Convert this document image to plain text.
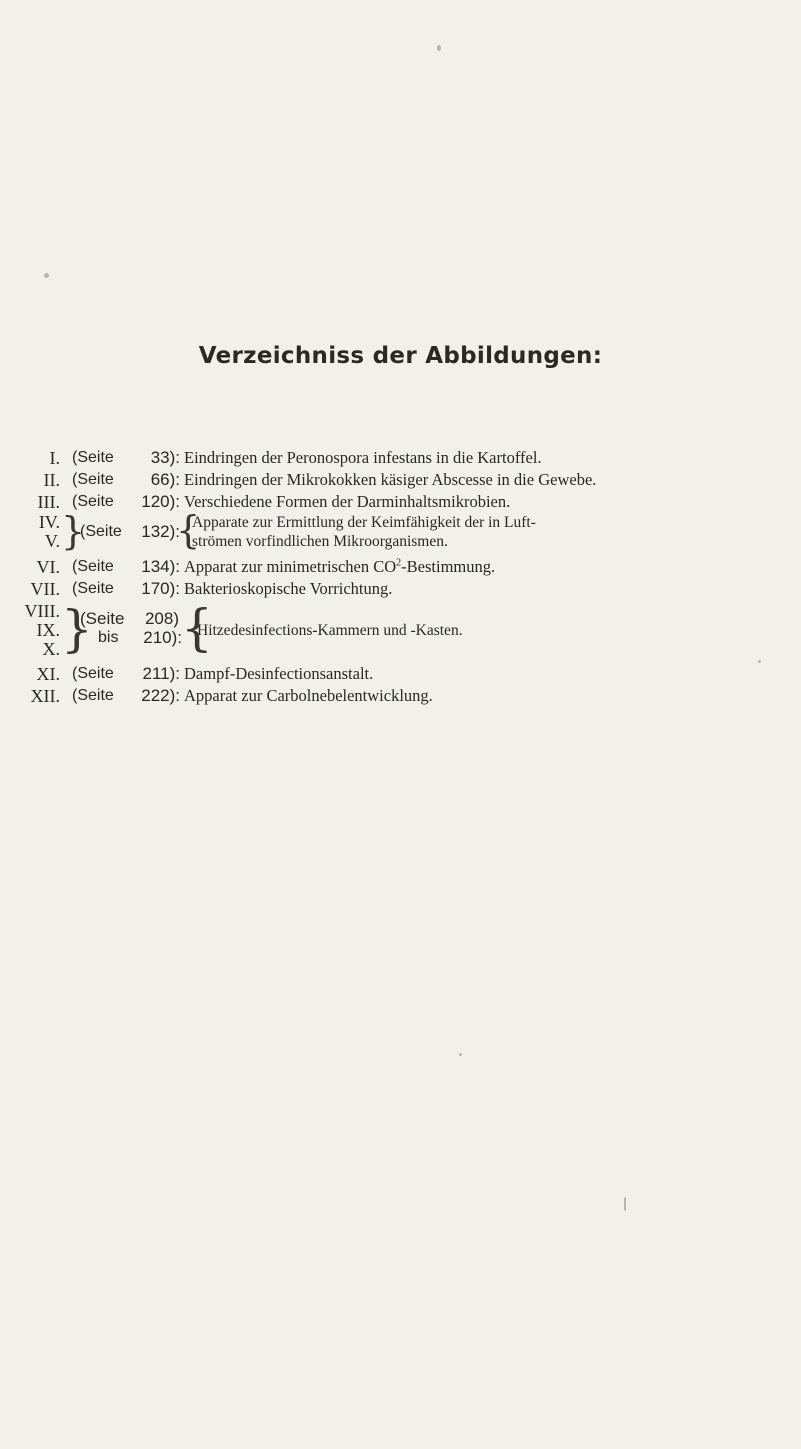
Verzeichniss der Abbildungen:
I. (Seite	33): Eindringen der Peronospora infestans in die Kartoffel.
II. (Seite	66): Eindringen der Mikrokokken käsiger Abscesse in die Gewebe.
III. (Seite	120): Verschiedene Formen der Darminhaltsmikrobien.
IV.
V. }
(Seite	132):
{
Apparate zur Ermittlung der Keimfähigkeit der in Luft-
strömen vorfindlichen Mikroorganismen.
VI. (Seite	134): Apparat zur minimetrischen $CO^2$-Bestimmung.
VII. (Seite	170): Bakterioskopische Vorrichtung.
VIII.
IX.
X. }
(Seite	208)
bis	210): {
Hitzedesinfections-Kammern und -Kasten.
XI. (Seite	211): Dampf-Desinfectionsanstalt.
XII. (Seite	222): Apparat zur Carbolnebelentwicklung.
